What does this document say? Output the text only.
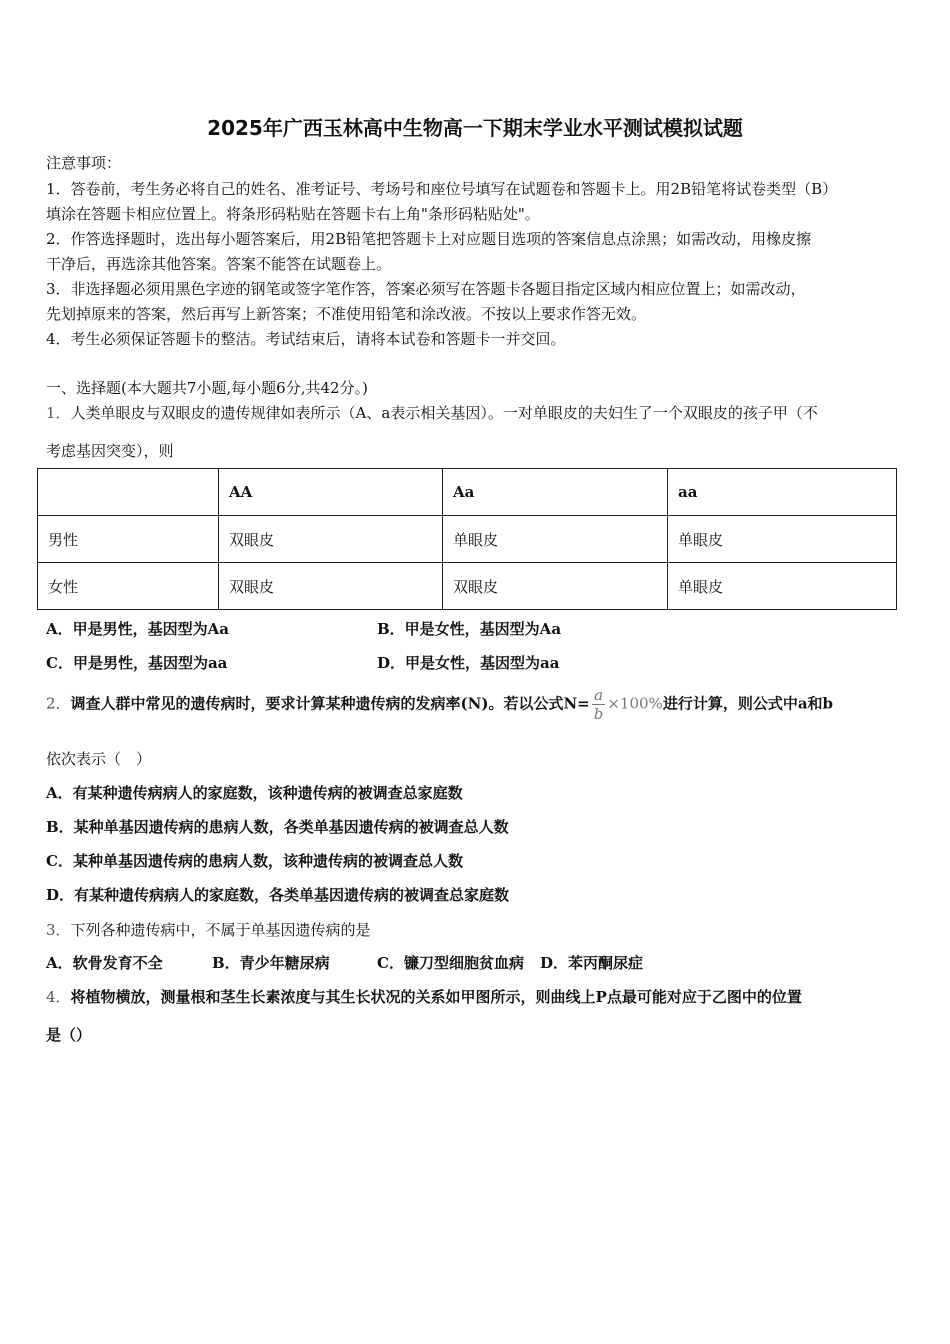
2025年广西玉林高中生物高一下期末学业水平测试模拟试题
注意事项：
1．答卷前，考生务必将自己的姓名、准考证号、考场号和座位号填写在试题卷和答题卡上。用2B铅笔将试卷类型（B）
填涂在答题卡相应位置上。将条形码粘贴在答题卡右上角"条形码粘贴处"。
2．作答选择题时，选出每小题答案后，用2B铅笔把答题卡上对应题目选项的答案信息点涂黑；如需改动，用橡皮擦
干净后，再选涂其他答案。答案不能答在试题卷上。
3．非选择题必须用黑色字迹的钢笔或签字笔作答，答案必须写在答题卡各题目指定区域内相应位置上；如需改动，
先划掉原来的答案，然后再写上新答案；不准使用铅笔和涂改液。不按以上要求作答无效。
4．考生必须保证答题卡的整洁。考试结束后，请将本试卷和答题卡一并交回。
一、选择题(本大题共7小题,每小题6分,共42分。)
1．人类单眼皮与双眼皮的遗传规律如表所示（A、a表示相关基因）。一对单眼皮的夫妇生了一个双眼皮的孩子甲（不
考虑基因突变），则
	AA	Aa	aa
男性	双眼皮	单眼皮	单眼皮
女性	双眼皮	双眼皮	单眼皮
A．甲是男性，基因型为Aa	B．甲是女性，基因型为Aa
C．甲是男性，基因型为aa	D．甲是女性，基因型为aa
2．调查人群中常见的遗传病时，要求计算某种遗传病的发病率(N)。若以公式$N= \frac{a}{b} \times 100\%$进行计算，则公式中a和b
依次表示（　）
A．有某种遗传病病人的家庭数，该种遗传病的被调查总家庭数
B．某种单基因遗传病的患病人数，各类单基因遗传病的被调查总人数
C．某种单基因遗传病的患病人数，该种遗传病的被调查总人数
D．有某种遗传病病人的家庭数，各类单基因遗传病的被调查总家庭数
3．下列各种遗传病中，不属于单基因遗传病的是
A．软骨发育不全	B．青少年糖尿病	C．镰刀型细胞贫血病 D．苯丙酮尿症
4．将植物横放，测量根和茎生长素浓度与其生长状况的关系如甲图所示，则曲线上P点最可能对应于乙图中的位置
是（）
